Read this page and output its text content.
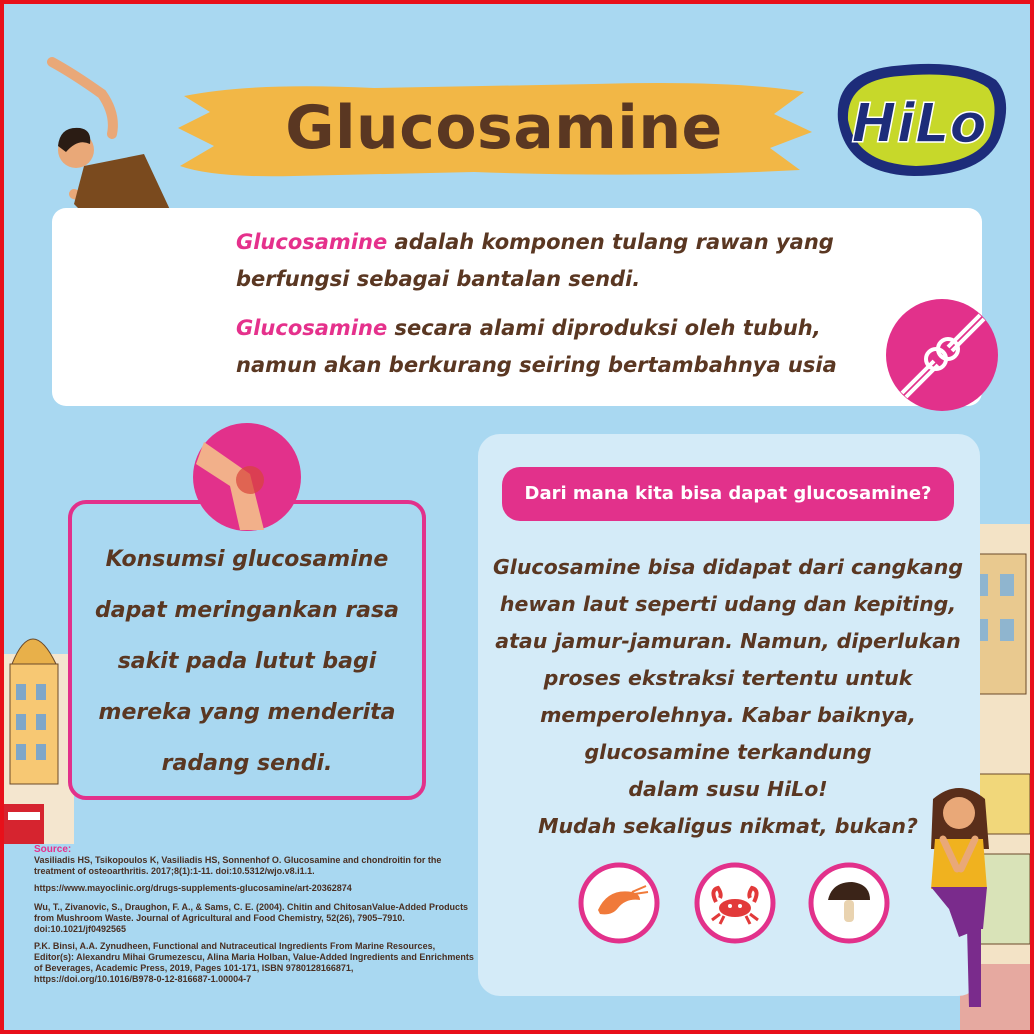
Glucosamine	HiLo

Glucosamine adalah komponen tulang rawan yang
berfungsi sebagai bantalan sendi.

Glucosamine secara alami diproduksi oleh tubuh,
namun akan berkurang seiring bertambahnya usia

Konsumsi glucosamine
dapat meringankan rasa
sakit pada lutut bagi
mereka yang menderita
radang sendi.
Source:
Vasiliadis HS, Tsikopoulos K, Vasiliadis HS, Sonnenhof O. Glucosamine and chondroitin for the treatment of osteoarthritis. 2017;8(1):1-11. doi:10.5312/wjo.v8.i1.1.
https://www.mayoclinic.org/drugs-supplements-glucosamine/art-20362874
Wu, T., Zivanovic, S., Draughon, F. A., & Sams, C. E. (2004). Chitin and ChitosanValue-Added Products from Mushroom Waste. Journal of Agricultural and Food Chemistry, 52(26), 7905–7910. doi:10.1021/jf0492565
P.K. Binsi, A.A. Zynudheen, Functional and Nutraceutical Ingredients From Marine Resources, Editor(s): Alexandru Mihai Grumezescu, Alina Maria Holban, Value-Added Ingredients and Enrichments of Beverages, Academic Press, 2019, Pages 101-171, ISBN 9780128166871, https://doi.org/10.1016/B978-0-12-816687-1.00004-7
Dari mana kita bisa dapat glucosamine?
Glucosamine bisa didapat dari cangkang
hewan laut seperti udang dan kepiting,
atau jamur-jamuran. Namun, diperlukan
proses ekstraksi tertentu untuk
memperolehnya. Kabar baiknya,
glucosamine terkandung
dalam susu HiLo!
Mudah sekaligus nikmat, bukan?
